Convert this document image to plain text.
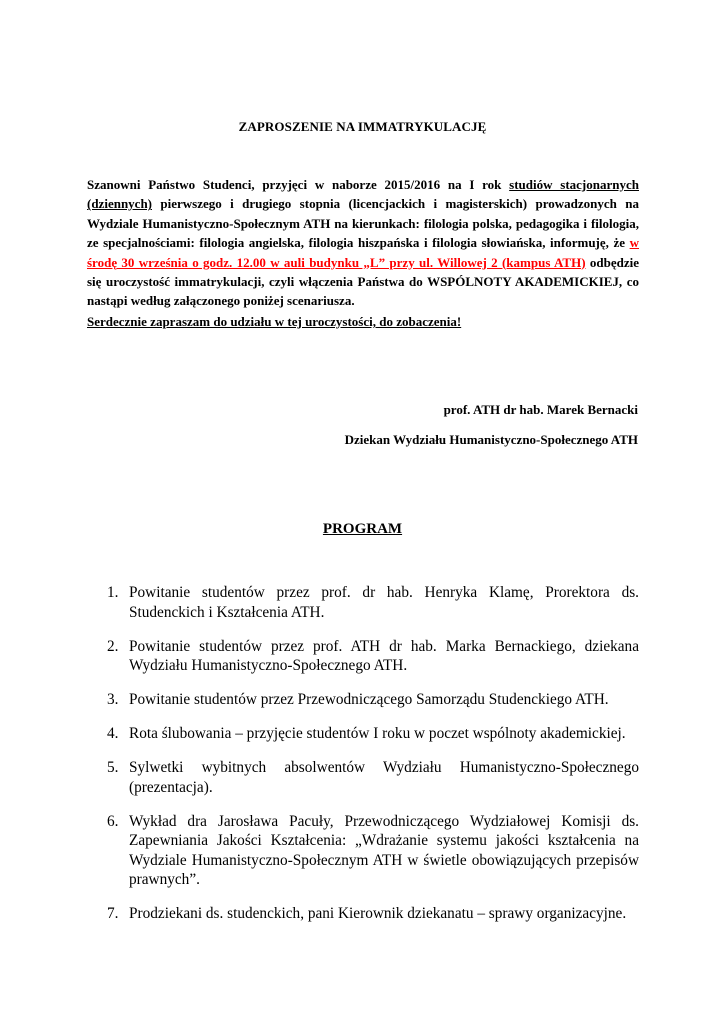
ZAPROSZENIE NA IMMATRYKULACJĘ
Szanowni Państwo Studenci, przyjęci w naborze 2015/2016 na I rok studiów stacjonarnych (dziennych) pierwszego i drugiego stopnia (licencjackich i magisterskich) prowadzonych na Wydziale Humanistyczno-Społecznym ATH na kierunkach: filologia polska, pedagogika i filologia, ze specjalnościami: filologia angielska, filologia hiszpańska i filologia słowiańska, informuję, że w środę 30 września o godz. 12.00 w auli budynku „L” przy ul. Willowej 2 (kampus ATH) odbędzie się uroczystość immatrykulacji, czyli włączenia Państwa do WSPÓLNOTY AKADEMICKIEJ, co nastąpi według załączonego poniżej scenariusza.
Serdecznie zapraszam do udziału w tej uroczystości, do zobaczenia!
prof. ATH dr hab. Marek Bernacki
Dziekan Wydziału Humanistyczno-Społecznego ATH
PROGRAM
1. Powitanie studentów przez prof. dr hab. Henryka Klamę, Prorektora ds. Studenckich i Kształcenia ATH.
2. Powitanie studentów przez prof. ATH dr hab. Marka Bernackiego, dziekana Wydziału Humanistyczno-Społecznego ATH.
3. Powitanie studentów przez Przewodniczącego Samorządu Studenckiego ATH.
4. Rota ślubowania – przyjęcie studentów I roku w poczet wspólnoty akademickiej.
5. Sylwetki wybitnych absolwentów Wydziału Humanistyczno-Społecznego (prezentacja).
6. Wykład dra Jarosława Pacuły, Przewodniczącego Wydziałowej Komisji ds. Zapewniania Jakości Kształcenia: „Wdrażanie systemu jakości kształcenia na Wydziale Humanistyczno-Społecznym ATH w świetle obowiązujących przepisów prawnych”.
7. Prodziekani ds. studenckich, pani Kierownik dziekanatu – sprawy organizacyjne.
